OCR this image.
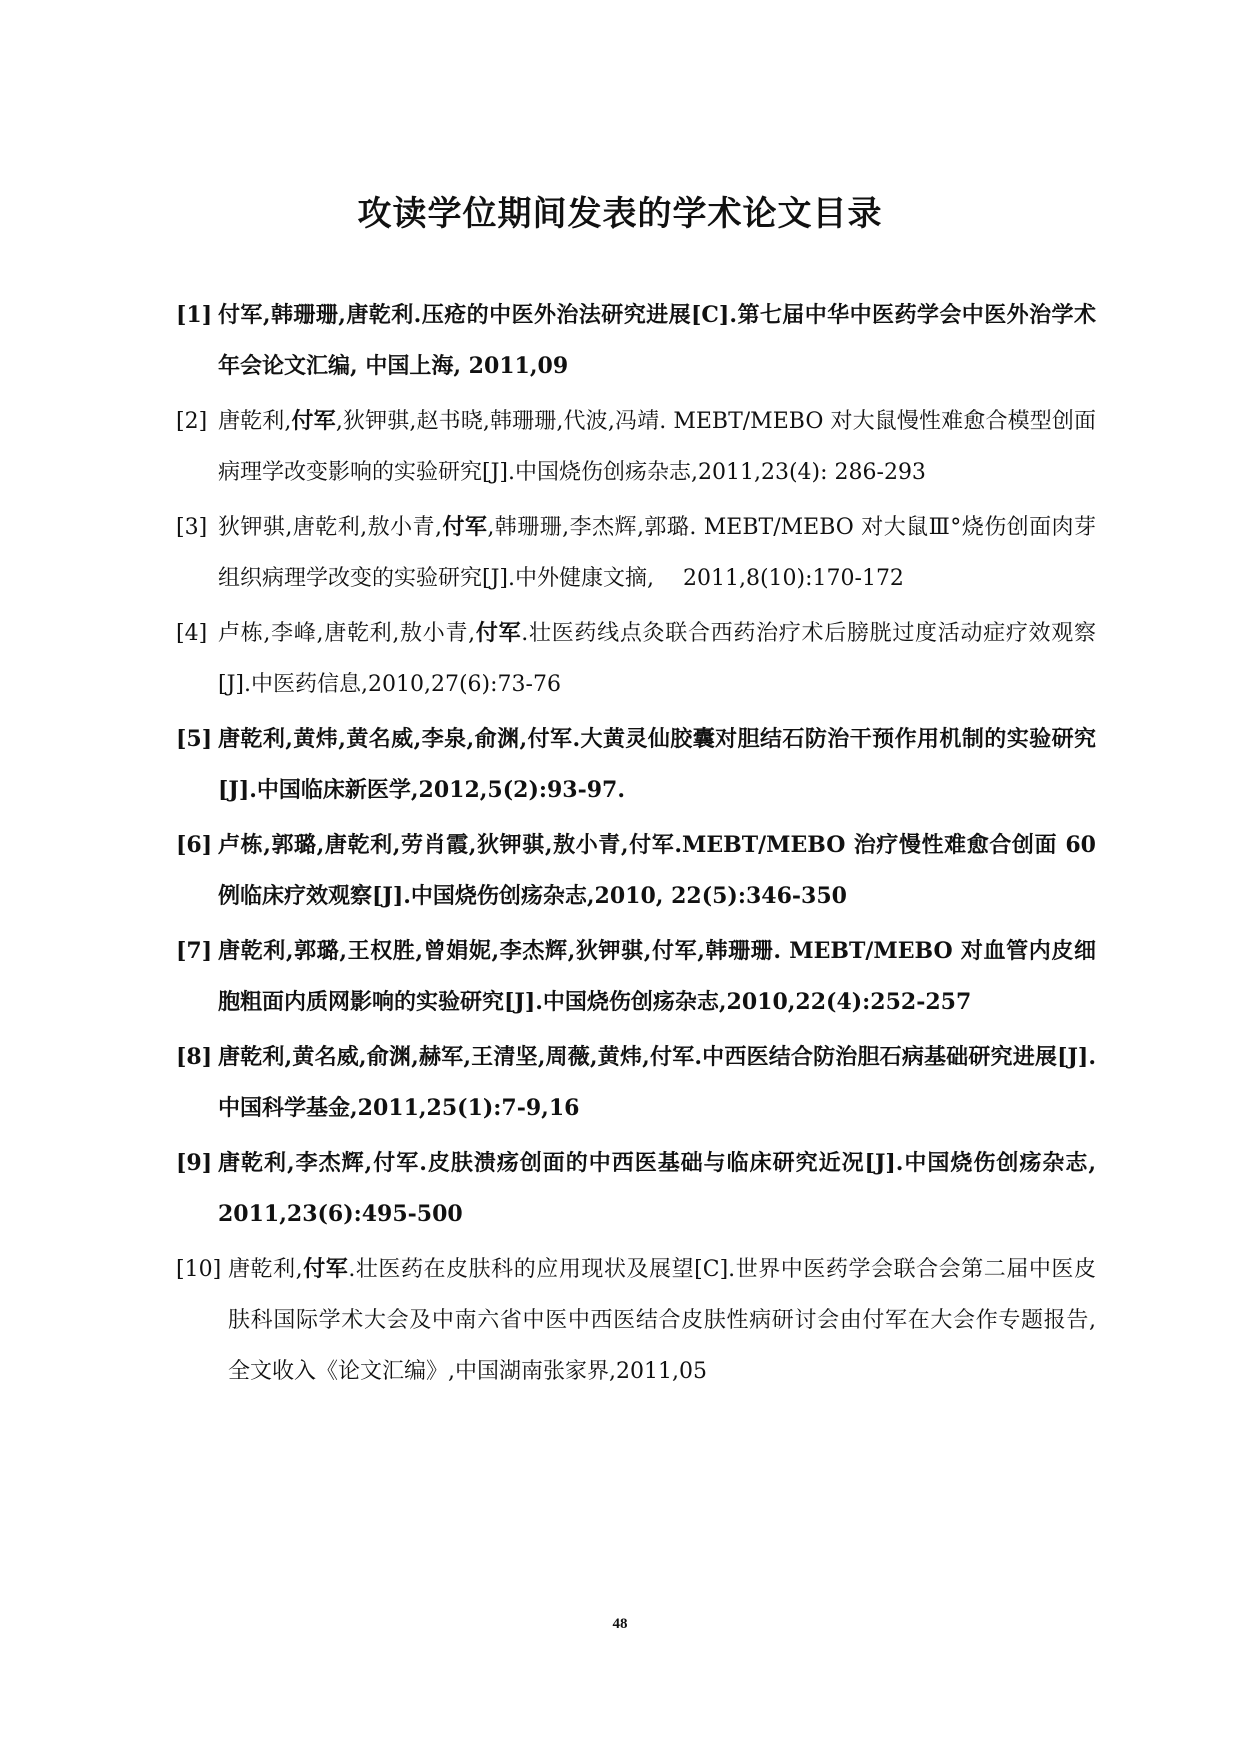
攻读学位期间发表的学术论文目录
[1] 付军,韩珊珊,唐乾利.压疮的中医外治法研究进展[C].第七届中华中医药学会中医外治学术年会论文汇编, 中国上海, 2011,09
[2] 唐乾利,付军,狄钾骐,赵书晓,韩珊珊,代波,冯靖. MEBT/MEBO 对大鼠慢性难愈合模型创面病理学改变影响的实验研究[J].中国烧伤创疡杂志,2011,23(4): 286-293
[3] 狄钾骐,唐乾利,敖小青,付军,韩珊珊,李杰辉,郭璐. MEBT/MEBO 对大鼠Ⅲ°烧伤创面肉芽组织病理学改变的实验研究[J].中外健康文摘,　 2011,8(10):170-172
[4] 卢栋,李峰,唐乾利,敖小青,付军.壮医药线点灸联合西药治疗术后膀胱过度活动症疗效观察[J].中医药信息,2010,27(6):73-76
[5] 唐乾利,黄炜,黄名威,李泉,俞渊,付军.大黄灵仙胶囊对胆结石防治干预作用机制的实验研究[J].中国临床新医学,2012,5(2):93-97.
[6] 卢栋,郭璐,唐乾利,劳肖霞,狄钾骐,敖小青,付军.MEBT/MEBO 治疗慢性难愈合创面 60 例临床疗效观察[J].中国烧伤创疡杂志,2010, 22(5):346-350
[7] 唐乾利,郭璐,王权胜,曾娟妮,李杰辉,狄钾骐,付军,韩珊珊. MEBT/MEBO 对血管内皮细胞粗面内质网影响的实验研究[J].中国烧伤创疡杂志,2010,22(4):252-257
[8] 唐乾利,黄名威,俞渊,赫军,王清坚,周薇,黄炜,付军.中西医结合防治胆石病基础研究进展[J].中国科学基金,2011,25(1):7-9,16
[9] 唐乾利,李杰辉,付军.皮肤溃疡创面的中西医基础与临床研究近况[J].中国烧伤创疡杂志, 2011,23(6):495-500
[10] 唐乾利,付军.壮医药在皮肤科的应用现状及展望[C].世界中医药学会联合会第二届中医皮肤科国际学术大会及中南六省中医中西医结合皮肤性病研讨会由付军在大会作专题报告, 全文收入《论文汇编》,中国湖南张家界,2011,05
48
